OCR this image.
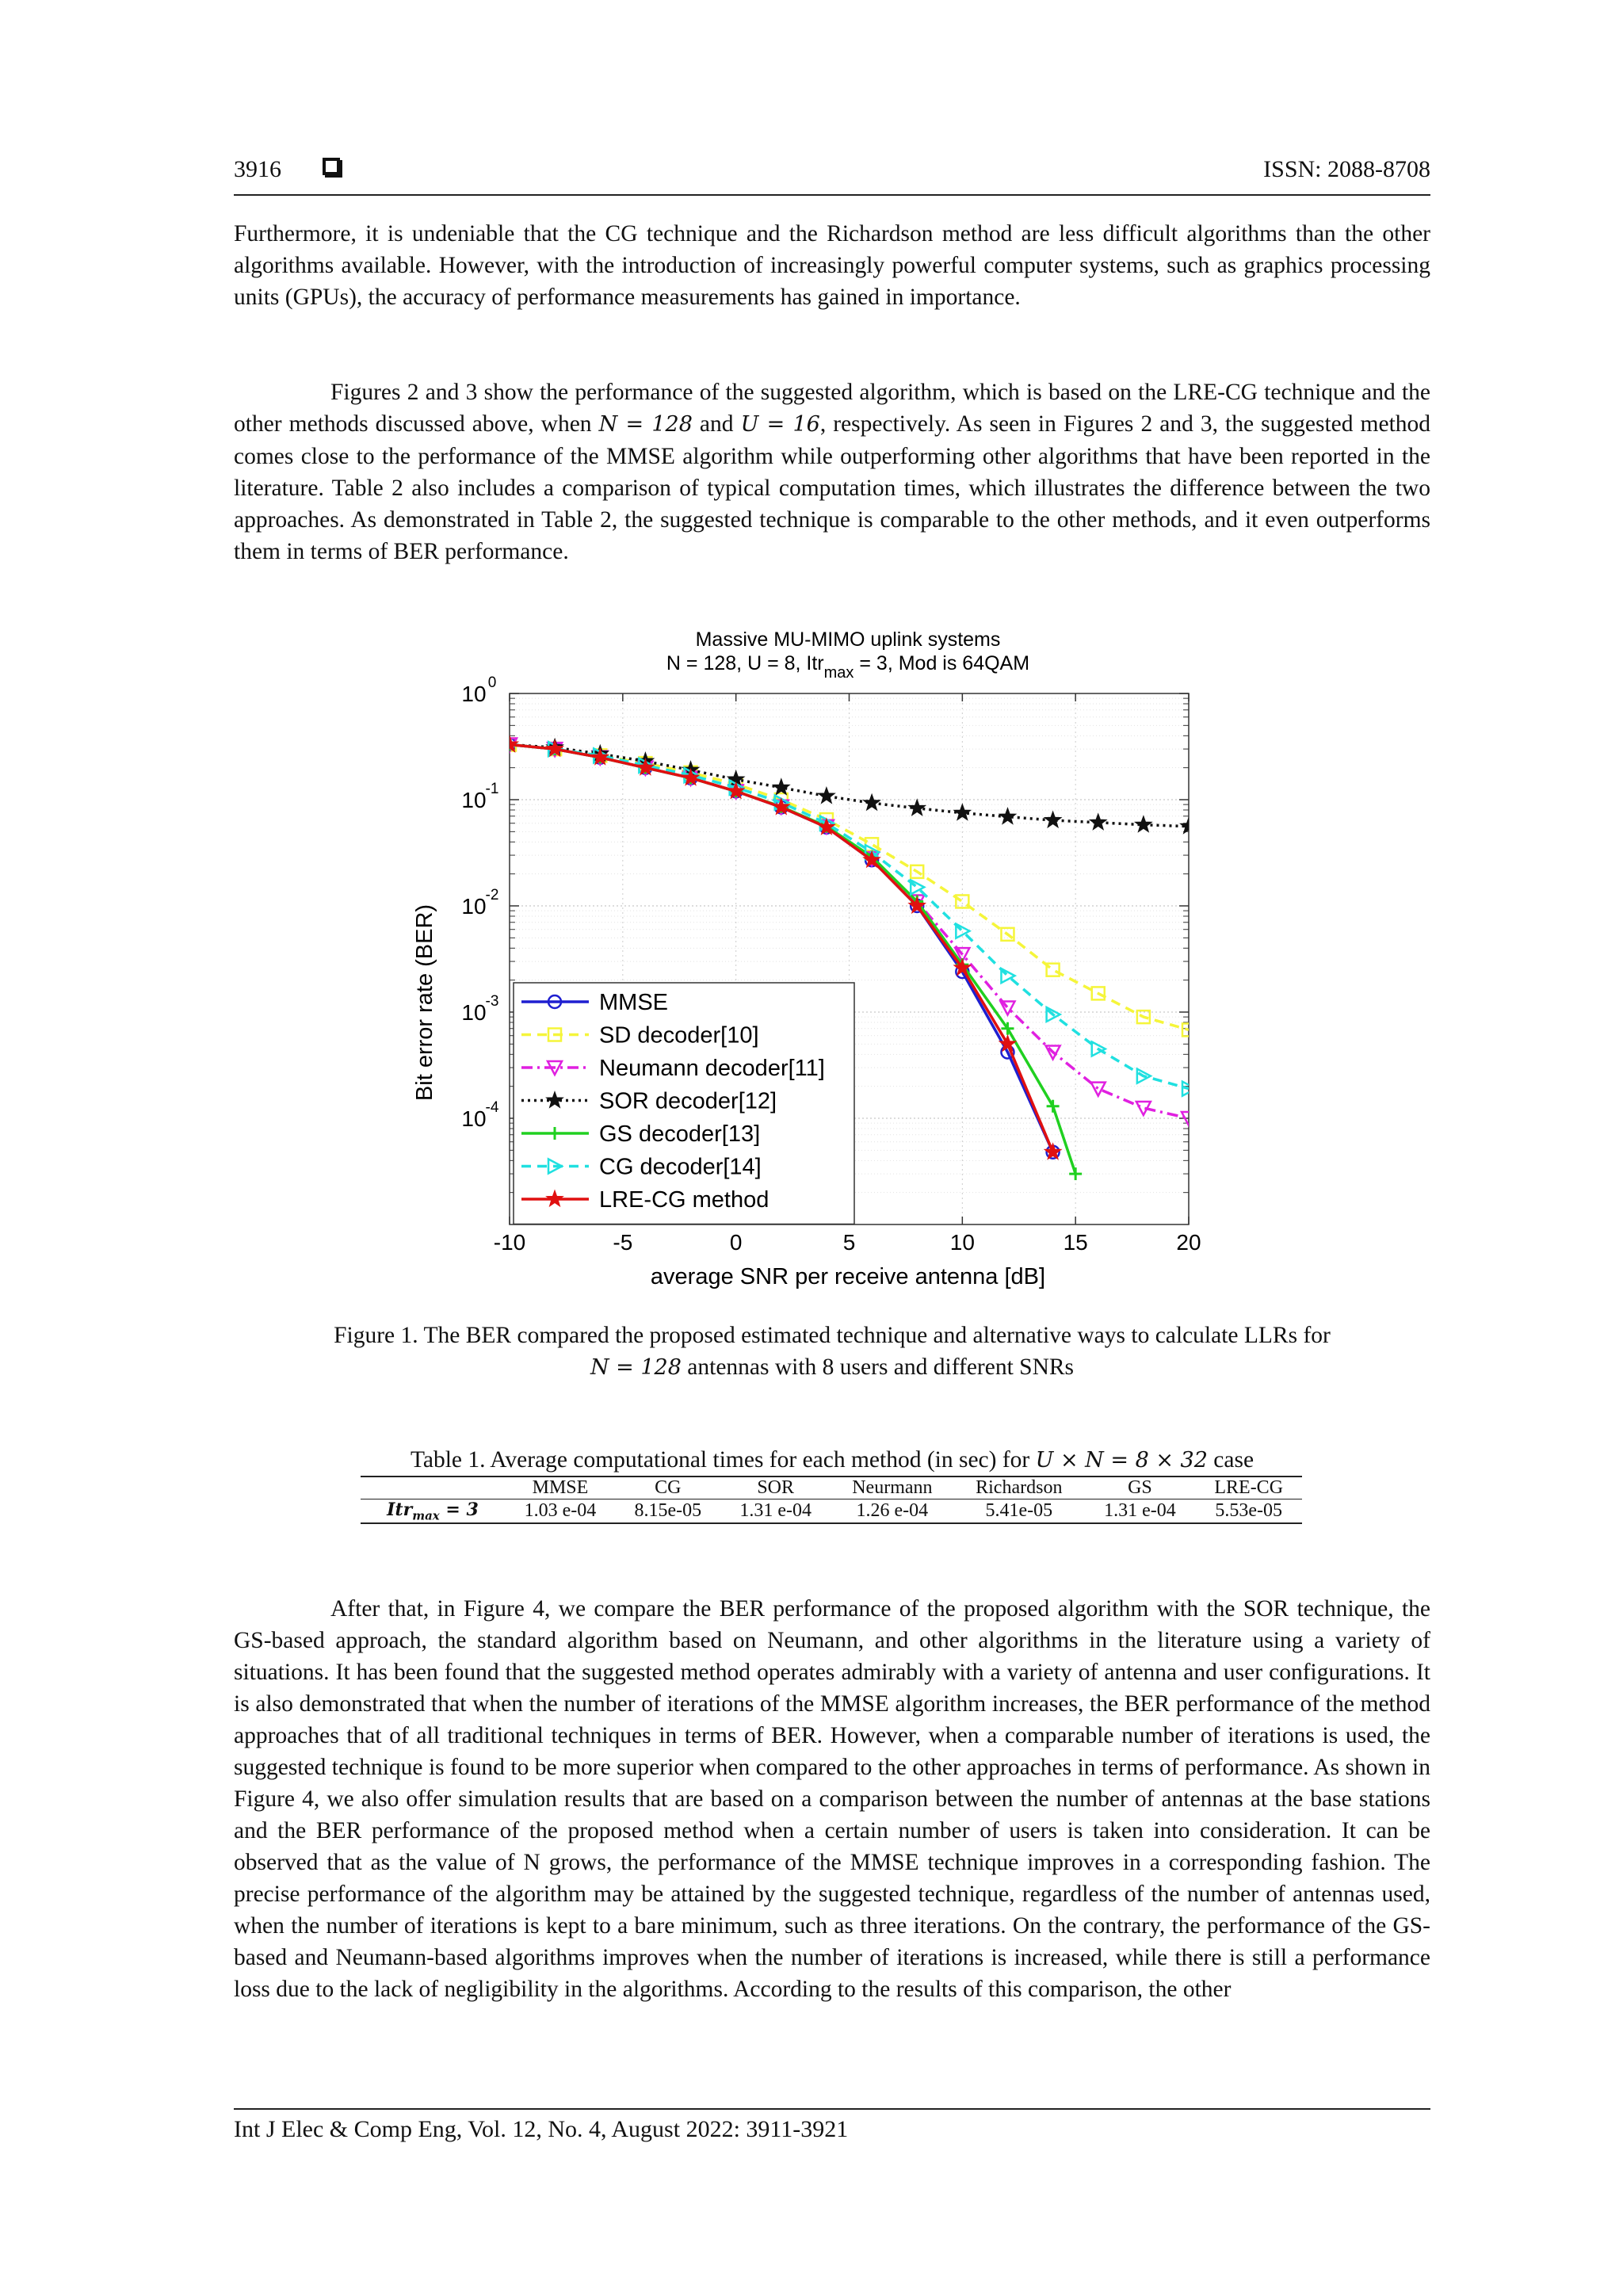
3916	ISSN: 2088-8708
Furthermore, it is undeniable that the CG technique and the Richardson method are less difficult algorithms than the other algorithms available. However, with the introduction of increasingly powerful computer systems, such as graphics processing units (GPUs), the accuracy of performance measurements has gained in importance.
Figures 2 and 3 show the performance of the suggested algorithm, which is based on the LRE-CG technique and the other methods discussed above, when N = 128 and U = 16, respectively. As seen in Figures 2 and 3, the suggested method comes close to the performance of the MMSE algorithm while outperforming other algorithms that have been reported in the literature. Table 2 also includes a comparison of typical computation times, which illustrates the difference between the two approaches. As demonstrated in Table 2, the suggested technique is comparable to the other methods, and it even outperforms them in terms of BER performance.
-10	-5	0	5	10	15	20
10 0
10
-1
10
-2
10
-3
10
-4
MMSE
SD decoder[10]
Neumann decoder[11]
SOR decoder[12]
GS decoder[13]
CG decoder[14]
LRE-CG method
Massive MU-MIMO uplink systems
N = 128, U = 8, Itr$_{max}$ = 3, Mod is 64QAM
average SNR per receive antenna [dB]
Bit error rate (BER)
Figure 1. The BER compared the proposed estimated technique and alternative ways to calculate LLRs for
N = 128 antennas with 8 users and different SNRs
Table 1. Average computational times for each method (in sec) for U × N = 8 × 32 case
	MMSE	CG	SOR	Neurmann	Richardson	GS	LRE-CG
Itr$_{max}$ = 3	1.03 e-04	8.15e-05	1.31 e-04	1.26 e-04	5.41e-05	1.31 e-04	5.53e-05
After that, in Figure 4, we compare the BER performance of the proposed algorithm with the SOR technique, the GS-based approach, the standard algorithm based on Neumann, and other algorithms in the literature using a variety of situations. It has been found that the suggested method operates admirably with a variety of antenna and user configurations. It is also demonstrated that when the number of iterations of the MMSE algorithm increases, the BER performance of the method approaches that of all traditional techniques in terms of BER. However, when a comparable number of iterations is used, the suggested technique is found to be more superior when compared to the other approaches in terms of performance. As shown in Figure 4, we also offer simulation results that are based on a comparison between the number of antennas at the base stations and the BER performance of the proposed method when a certain number of users is taken into consideration. It can be observed that as the value of N grows, the performance of the MMSE technique improves in a corresponding fashion. The precise performance of the algorithm may be attained by the suggested technique, regardless of the number of antennas used, when the number of iterations is kept to a bare minimum, such as three iterations. On the contrary, the performance of the GS-based and Neumann-based algorithms improves when the number of iterations is increased, while there is still a performance loss due to the lack of negligibility in the algorithms. According to the results of this comparison, the other
Int J Elec & Comp Eng, Vol. 12, No. 4, August 2022: 3911-3921
